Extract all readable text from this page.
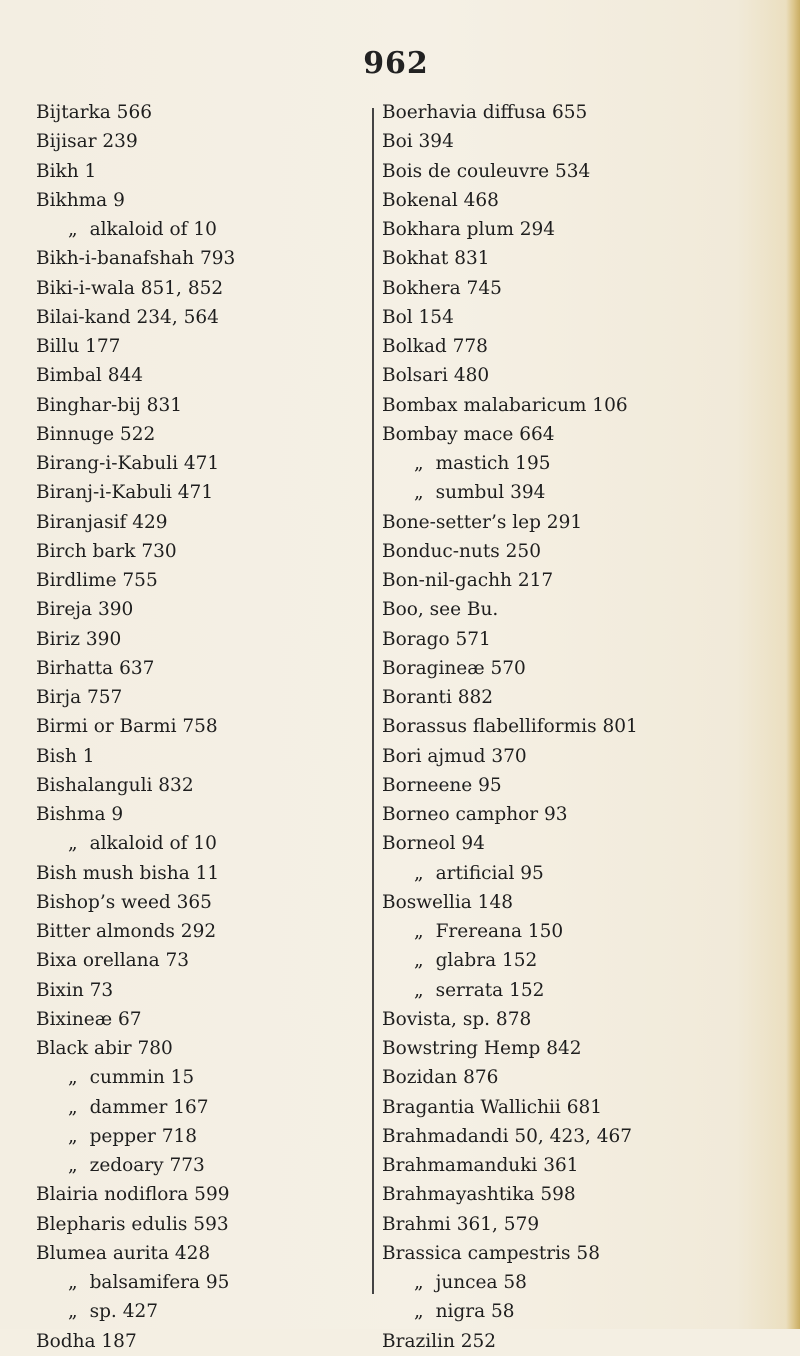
962
Bijtarka 566
Bijisar 239
Bikh 1
Bikhma 9
„ alkaloid of 10
Bikh-i-banafshah 793
Biki-i-wala 851, 852
Bilai-kand 234, 564
Billu 177
Bimbal 844
Binghar-bij 831
Binnuge 522
Birang-i-Kabuli 471
Biranj-i-Kabuli 471
Biranjasif 429
Birch bark 730
Birdlime 755
Bireja 390
Biriz 390
Birhatta 637
Birja 757
Birmi or Barmi 758
Bish 1
Bishalanguli 832
Bishma 9
„ alkaloid of 10
Bish mush bisha 11
Bishop’s weed 365
Bitter almonds 292
Bixa orellana 73
Bixin 73
Bixineæ 67
Black abir 780
„ cummin 15
„ dammer 167
„ pepper 718
„ zedoary 773
Blairia nodiflora 599
Blepharis edulis 593
Blumea aurita 428
„ balsamifera 95
„ sp. 427
Bodha 187
Boerhavia diffusa 655
Boi 394
Bois de couleuvre 534
Bokenal 468
Bokhara plum 294
Bokhat 831
Bokhera 745
Bol 154
Bolkad 778
Bolsari 480
Bombax malabaricum 106
Bombay mace 664
„ mastich 195
„ sumbul 394
Bone-setter’s lep 291
Bonduc-nuts 250
Bon-nil-gachh 217
Boo, see Bu.
Borago 571
Boragineæ 570
Boranti 882
Borassus flabelliformis 801
Bori ajmud 370
Borneene 95
Borneo camphor 93
Borneol 94
„ artificial 95
Boswellia 148
„ Frereana 150
„ glabra 152
„ serrata 152
Bovista, sp. 878
Bowstring Hemp 842
Bozidan 876
Bragantia Wallichii 681
Brahmadandi 50, 423, 467
Brahmamanduki 361
Brahmayashtika 598
Brahmi 361, 579
Brassica campestris 58
„ juncea 58
„ nigra 58
Brazilin 252
